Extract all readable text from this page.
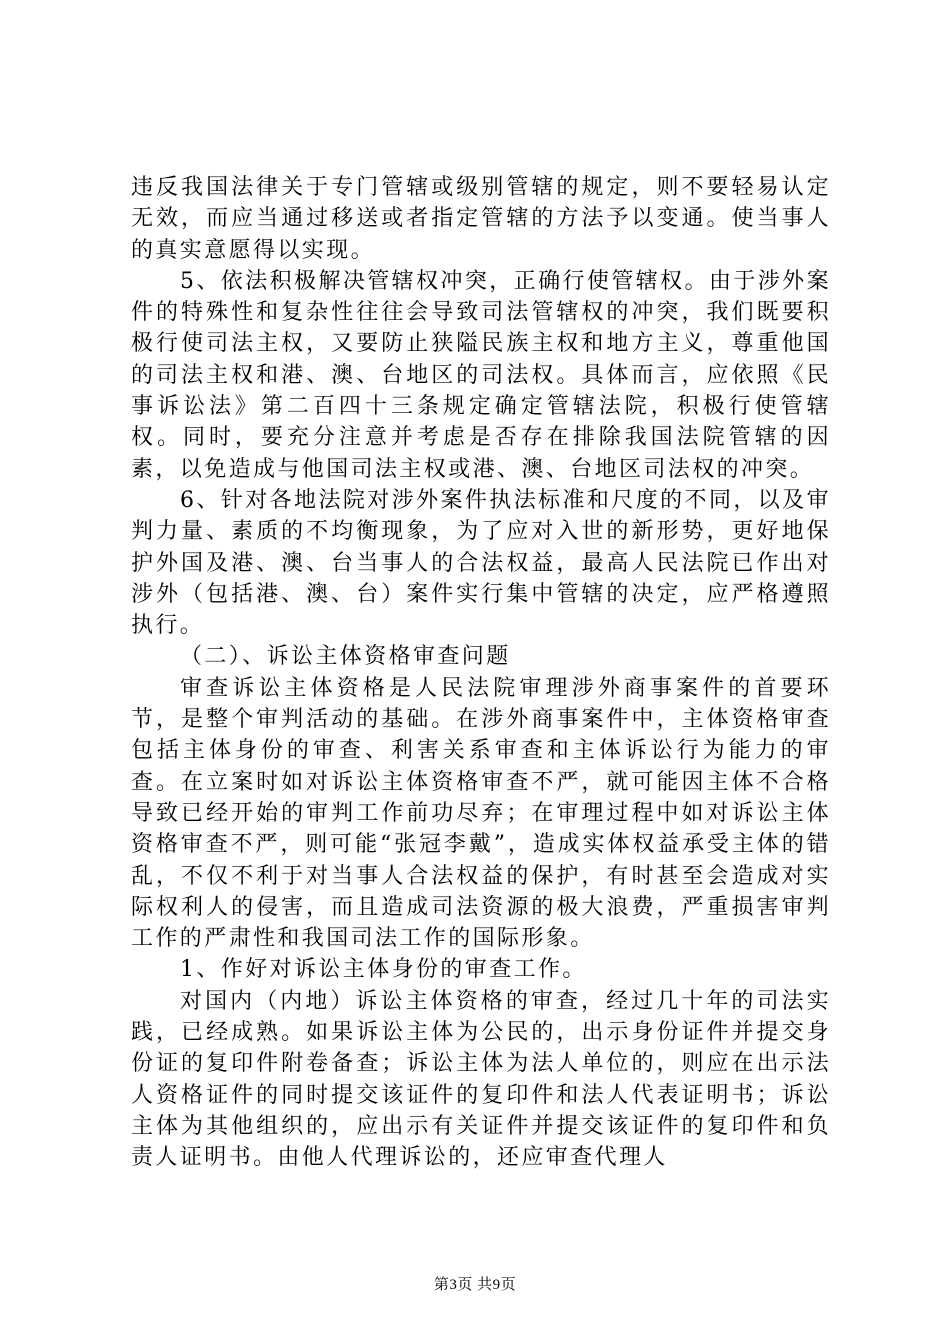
违反我国法律关于专门管辖或级别管辖的规定，则不要轻易认定无效，而应当通过移送或者指定管辖的方法予以变通。使当事人的真实意愿得以实现。

5、依法积极解决管辖权冲突，正确行使管辖权。由于涉外案件的特殊性和复杂性往往会导致司法管辖权的冲突，我们既要积极行使司法主权，又要防止狭隘民族主权和地方主义，尊重他国的司法主权和港、澳、台地区的司法权。具体而言，应依照《民事诉讼法》第二百四十三条规定确定管辖法院，积极行使管辖权。同时，要充分注意并考虑是否存在排除我国法院管辖的因素，以免造成与他国司法主权或港、澳、台地区司法权的冲突。

6、针对各地法院对涉外案件执法标准和尺度的不同，以及审判力量、素质的不均衡现象，为了应对入世的新形势，更好地保护外国及港、澳、台当事人的合法权益，最高人民法院已作出对涉外（包括港、澳、台）案件实行集中管辖的决定，应严格遵照执行。

（二）、诉讼主体资格审查问题

审查诉讼主体资格是人民法院审理涉外商事案件的首要环节，是整个审判活动的基础。在涉外商事案件中，主体资格审查包括主体身份的审查、利害关系审查和主体诉讼行为能力的审查。在立案时如对诉讼主体资格审查不严，就可能因主体不合格导致已经开始的审判工作前功尽弃；在审理过程中如对诉讼主体资格审查不严，则可能“张冠李戴”，造成实体权益承受主体的错乱，不仅不利于对当事人合法权益的保护，有时甚至会造成对实际权利人的侵害，而且造成司法资源的极大浪费，严重损害审判工作的严肃性和我国司法工作的国际形象。

1、作好对诉讼主体身份的审查工作。

对国内（内地）诉讼主体资格的审查，经过几十年的司法实践，已经成熟。如果诉讼主体为公民的，出示身份证件并提交身份证的复印件附卷备查；诉讼主体为法人单位的，则应在出示法人资格证件的同时提交该证件的复印件和法人代表证明书；诉讼主体为其他组织的，应出示有关证件并提交该证件的复印件和负责人证明书。由他人代理诉讼的，还应审查代理人

第3页 共9页
